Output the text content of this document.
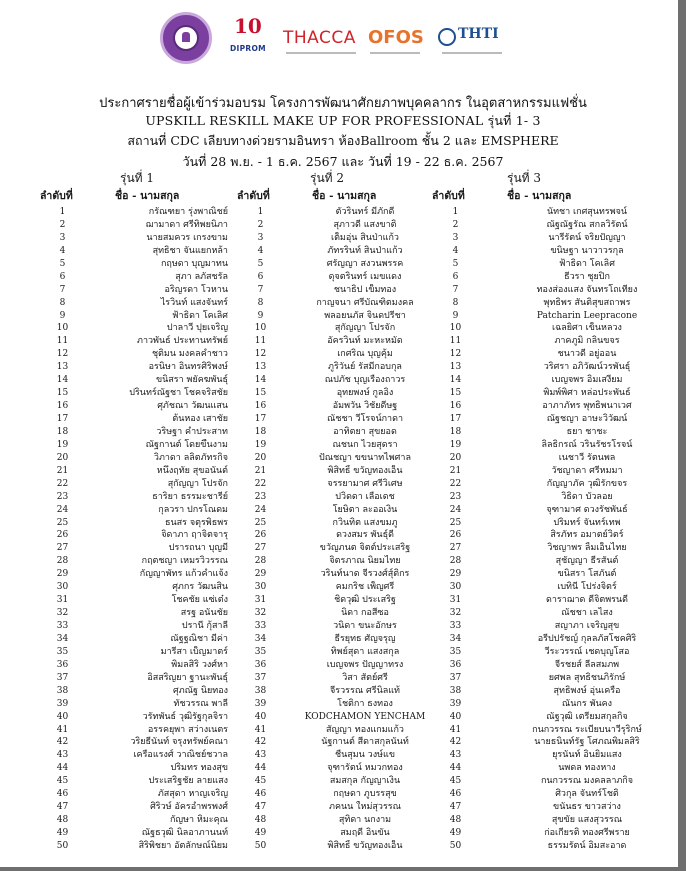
10
DIPROM
THACCA OFOS THTI
ประกาศรายชื่อผู้เข้าร่วมอบรม โครงการพัฒนาศักยภาพบุคคลากร ในอุตสาหกรรมแฟชั่น
UPSKILL RESKILL MAKE UP FOR PROFESSIONAL รุ่นที่ 1- 3
สถานที่ CDC เลียบทางด่วยรามอินทรา ห้องBallroom ชั้น 2 และ EMSPHERE
วันที่ 28 พ.ย. - 1 ธ.ค. 2567 และ วันที่ 19 - 22 ธ.ค. 2567
รุ่นที่ 1
ลำดับที่	ชื่อ - นามสกุล
1	กรัณฑยา รุ่งพาณิชย์
2	ฌามาดา ศรีทิพยนิภา
3	นายสมควร เกรงขาม
4	สุทธิชา จันแยกหล้า
5	กฤษดา บุญมาทน
6	สุภา ลภัสชรัล
7	อริญรดา โวหาน
8	ไรวินท์ แสงจันทร์
9	ฟ้าธิดา โคเลิศ
10	ปาลาวี ปุยเจริญ
11	ภาวพันธ์ ประทานทรัพย์
12	ชุติมน มงคลคำชาว
13	อรนิษา อินทรศิริพงษ์
14	ขนิสรา พยัคฆพันธุ์
15	ปรินทร์ณัฐชา โชคจริสชัย
16	ศุภัชณา วัฒนแสน
17	ต้นหอง เสาชัย
18	วริษฐา คำประสาท
19	ณัฐกานต์ โดยขึ้นงาม
20	วิภาดา ลลิตภัทรกิจ
21	หนึ่งฤทัย สุขอนันต์
22	สุกัญญา โปรจัก
23	ธาริยา ธรรมะชารีย์
24	กุลวรา ปกรโณดม
25	ธนสร จตุรพิธพร
26	จิดาภา ฤาจิตจารุ
27	ปรารถนา บุญมี
28	กฤตชญา เหมรวิวรรณ
29	กัญญาพัทร แก้วคำแจ้ง
30	ศุภกร วัฒนสิน
31	โชคชัย แซ่เต๋ง
32	สรฐ อนันชัย
33	ปรานี กุ้สาลี
34	ณัฐฐณิชา มีค่า
35	มารีสา เบ็ญมาตร์
36	พิมลสิริ วงศ์หา
37	อิสสริญยา ฐานะพันธุ์
38	ศุภณัฐ นิยทอง
39	ทัชวรรณ พาลี
40	วรัทพันธ์ วุฒิรัฐกุลจิรา
41	อรรคยุพา สว่างเนตร
42	วริยธีนันท์ จรุงทรัพย์คณา
43	เครือแรงศ์ วาณิชย์ชวาล
44	ปริมทร ทองสุข
45	ประเสริฐชัย ลายแสง
46	ภัสสุดา หาญเจริญ
47	ศิริวษ์ อัครอำพรพงศ์
48	กัญษา หิมะคุณ
49	ณัฐธวุฒิ นิลอาภานนท์
50	สิริพิชยา อัตลักษณ์นิยม
รุ่นที่ 2
ลำดับที่	ชื่อ - นามสกุล
1	ตัวรินทร์ มีภักดี
2	สุภาวดี แสงขาติ
3	เต็มอุ่น สินป่าแก้ว
4	ภัทรรินท์ สินป่าแก้ว
5	ศรัญญา สงวนพรรค
6	ดุจตรินทร์ เมขแดง
7	ชนาธิป เข็มทอง
8	กาญจนา ศรีบัณฑิตมงคล
9	พลอยนภัส จินดปรีชา
10	สุกัญญา โปรจัก
11	อัครวินท์ มะหะหมัด
12	เกศริณ บุญคุ้ม
13	ภูริวันย์ รัสมีกอบกุล
14	ณปภัช บุญเรืองถาวร
15	อุทยพงษ์ กูลอิ่ง
16	อัมพวัน วิชัยดีษฐ
17	ณัชชา วีโรจน์กาดา
18	อาทิตยา สุขยอด
19	ณชนก ไวยสุดรา
20	ปัณชญา ขขนาทไพศาล
21	พิสิทธิ์ ขวัญทองเอ็น
22	จรรยามาศ ศรีวิเศษ
23	ปวิดดา เลือเดช
24	โยษิตา ละออเงิน
25	กวินทิต แสงขมภู
26	ดวงสมร พันธุ์ดี
27	ขวัญภนต จิตต์ประเสริฐ
28	จิตรภาณ นิยมไทย
29	วรินท์นาด จีรวงศ์สุ์ติกร
30	คมกริช เพ็ญศรี
31	ชิดวุฒิ ประเสริฐ
32	นิดา กอสีซอ
33	วนิดา ขนะอักษร
34	ธีรยุทธ ศัญจรุญ
35	ทิพย์สุดา แสงสกุล
36	เบญจพร ปัญญาทรง
37	วิสา สัตย์ศรี
38	จีรวรรณ ศรีนิลแท้
39	โชติกา ธงทอง
40	KODCHAMON YENCHAM
41	สัญญา ทองแกมแก้ว
42	นัฐกานต์ สีดาสกุลนันท์
43	ชื่นสุมน วงษ์แข
44	จุฑารัตน์ หมวกทอง
45	สมสกุล กัญญาเงิน
46	กฤษดา ภูบรรสุข
47	ภคนน ใหม่สุวรรณ
48	สุทิดา นกงาม
49	สมฤดี อินขัน
50	พิสิทธิ์ ขวัญทองเอ็น
รุ่นที่ 3
ลำดับที่	ชื่อ - นามสกุล
1	นัทชา เกศสุนทรพจน์
2	ณัฐณัฐรัณ สกลวิรัตน์
3	นารีรัตน์ จริยปัญญา
4	ขนิษฐา นาวาวรกุล
5	ฟ้าธิดา โคเลิศ
6	ธีวรา ชุยปิก
7	ทองส่องแสง จันทรโถเทียง
8	พุทธิพร สันติสุขสถาพร
9	Patcharin Leepracone
10	เฉลยิศา เข็นหลวง
11	ภาคภูมิ กลิ่นขจร
12	ชนาวดี อยู่ออน
13	วริศรา อภิวัฒน์วรพันธุ์
14	เบญจพร อิ่มเสงี่ยม
15	พิมพ์พิศา หล่อประพันธ์
16	อาภาภัทร พุทธิพนาเวศ
17	ณัฐชญา อาษะวิวัฒน์
18	ธยา ชาชะ
19	ลิลธิกรณ์ วรินรัชรโรจน์
20	เนชาวี รัตนพล
21	วัชญาดา ศรีหมมา
22	กัญญาภัค วุฒิรักขจร
23	วิธิดา บัวลอย
24	จุฑามาศ ดวงรัชพันธ์
25	ปริมทร์ จันทร์เทพ
26	สิรภัทร อมาตย์วิตร์
27	วิชญาพร ลิ้มเอ็นไทย
28	สุชัญญา ธีรสันต์
29	ขนิสรา โสภันต์
30	เบทินี โปร่งจิตร์
31	ดาราฌาด ดีจิตพรนดี
32	ณัชชา เลไสง
33	สญาภา เจริญสุข
34	อรีปปรัชญ์ กุลลภัสโชคศิริ
35	วีระวรรณ์ เชดบุญโสอ
36	จีรชยส์ ลีลสมภพ
37	ยศพล สุทธิชนภิรักษ์
38	สุทธิพงษ์ อุ่นเครือ
39	ณันกร พันคง
40	ณัฐวุฒิ เตรียมสกุลกิจ
41	กนกวรรณ ระเบียบนาวีรุริกษ์
42	นายธนินท์รัฐ โศภณพิมลสิริ
43	ยุรนันท์ อินยิ่มแสง
44	นพดล ทองหาง
45	กนกวรรณ มงคลลาภกิจ
46	ศิวกุล จันทร์โชติ
47	ขนันธร ขาวสว่าง
48	สุขขัย แสงสุวรรณ
49	ก่อเกียรติ ทองศรีพราย
50	ธรรมรัตน์ อิ่มสะอาด
